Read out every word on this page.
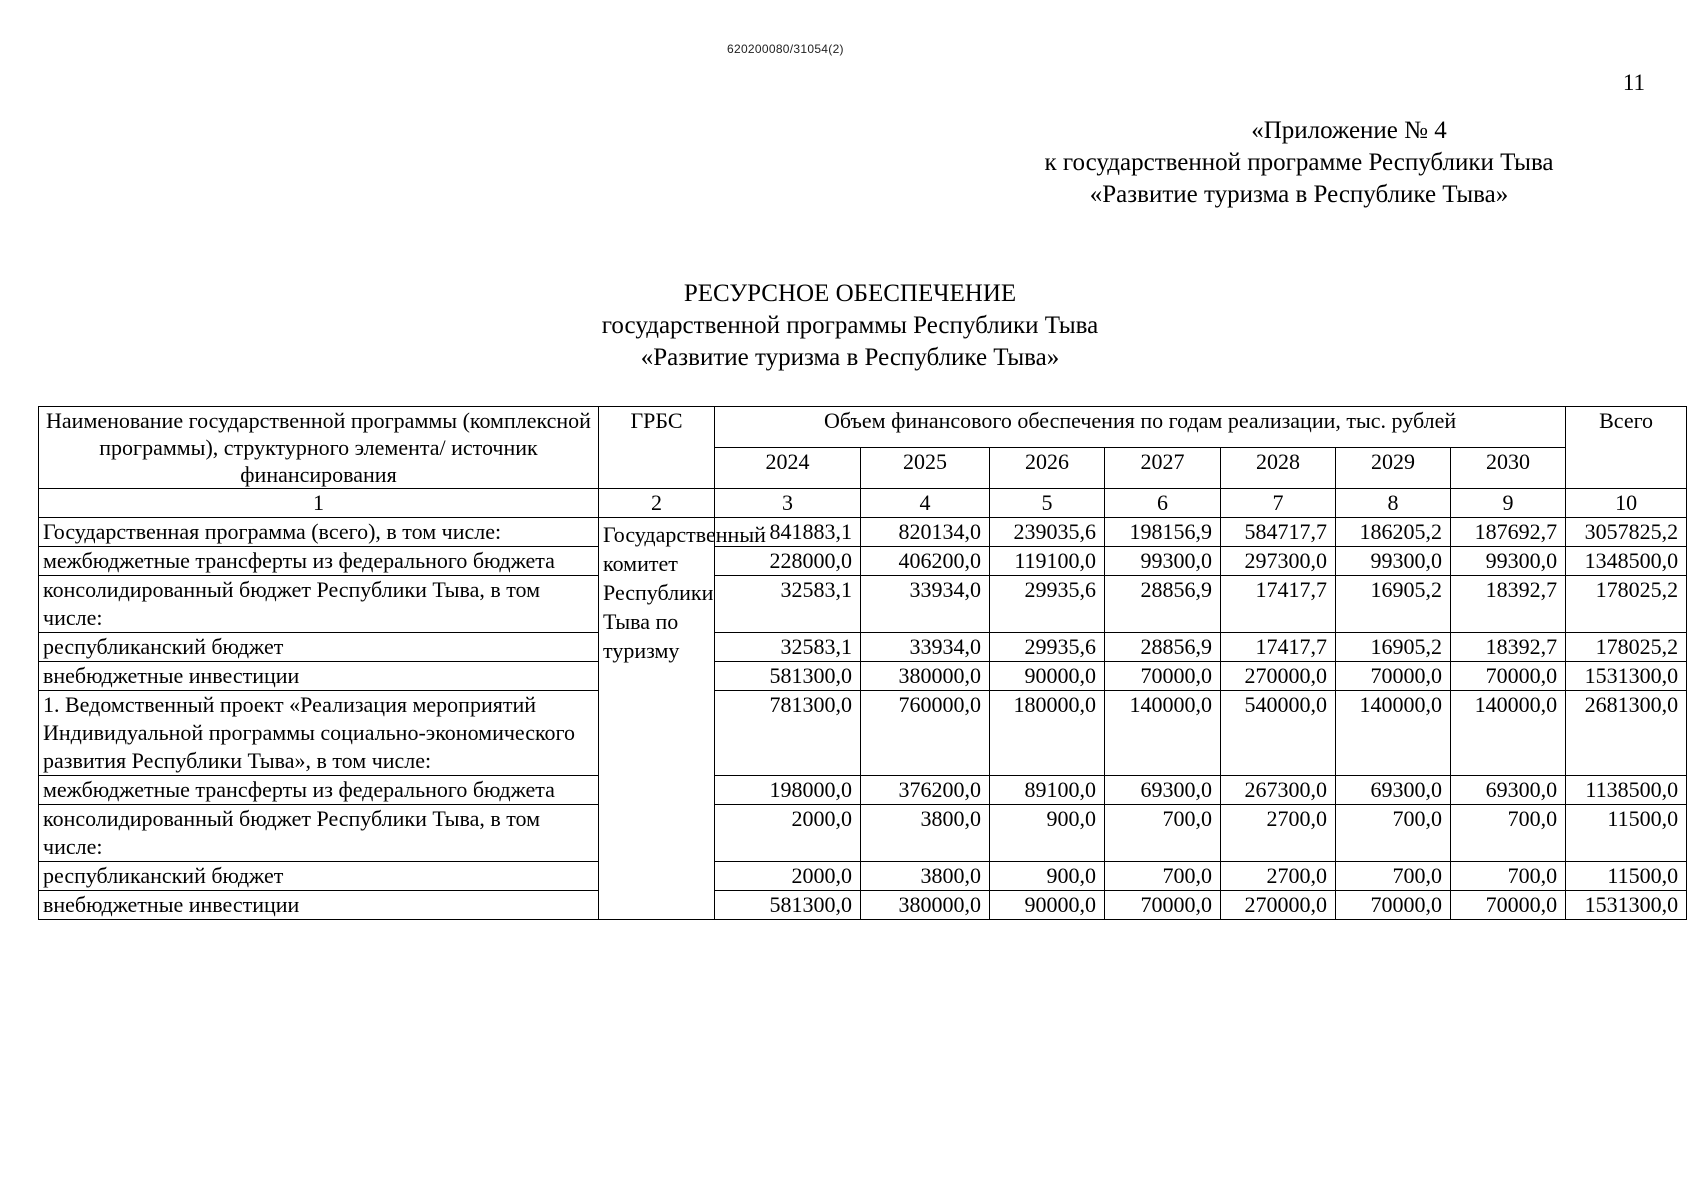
620200080/31054(2)
11
«Приложение № 4
к государственной программе Республики Тыва
«Развитие туризма в Республике Тыва»
РЕСУРСНОЕ ОБЕСПЕЧЕНИЕ
государственной программы Республики Тыва
«Развитие туризма в Республике Тыва»
Наименование государственной программы (комплексной программы), структурного элемента/ источник финансирования	ГРБС	Объем финансового обеспечения по годам реализации, тыс. рублей							Всего
		2024	2025	2026	2027	2028	2029	2030	
1	2	3	4	5	6	7	8	9	10
Государственная программа (всего), в том числе:	Государственный комитет Республики Тыва по туризму	841883,1	820134,0	239035,6	198156,9	584717,7	186205,2	187692,7	3057825,2
межбюджетные трансферты из федерального бюджета		228000,0	406200,0	119100,0	99300,0	297300,0	99300,0	99300,0	1348500,0
консолидированный бюджет Республики Тыва, в том числе:		32583,1	33934,0	29935,6	28856,9	17417,7	16905,2	18392,7	178025,2
республиканский бюджет		32583,1	33934,0	29935,6	28856,9	17417,7	16905,2	18392,7	178025,2
внебюджетные инвестиции		581300,0	380000,0	90000,0	70000,0	270000,0	70000,0	70000,0	1531300,0
1. Ведомственный проект «Реализация мероприятий Индивидуальной программы социально-экономического развития Республики Тыва», в том числе:		781300,0	760000,0	180000,0	140000,0	540000,0	140000,0	140000,0	2681300,0
межбюджетные трансферты из федерального бюджета		198000,0	376200,0	89100,0	69300,0	267300,0	69300,0	69300,0	1138500,0
консолидированный бюджет Республики Тыва, в том числе:		2000,0	3800,0	900,0	700,0	2700,0	700,0	700,0	11500,0
республиканский бюджет		2000,0	3800,0	900,0	700,0	2700,0	700,0	700,0	11500,0
внебюджетные инвестиции		581300,0	380000,0	90000,0	70000,0	270000,0	70000,0	70000,0	1531300,0
